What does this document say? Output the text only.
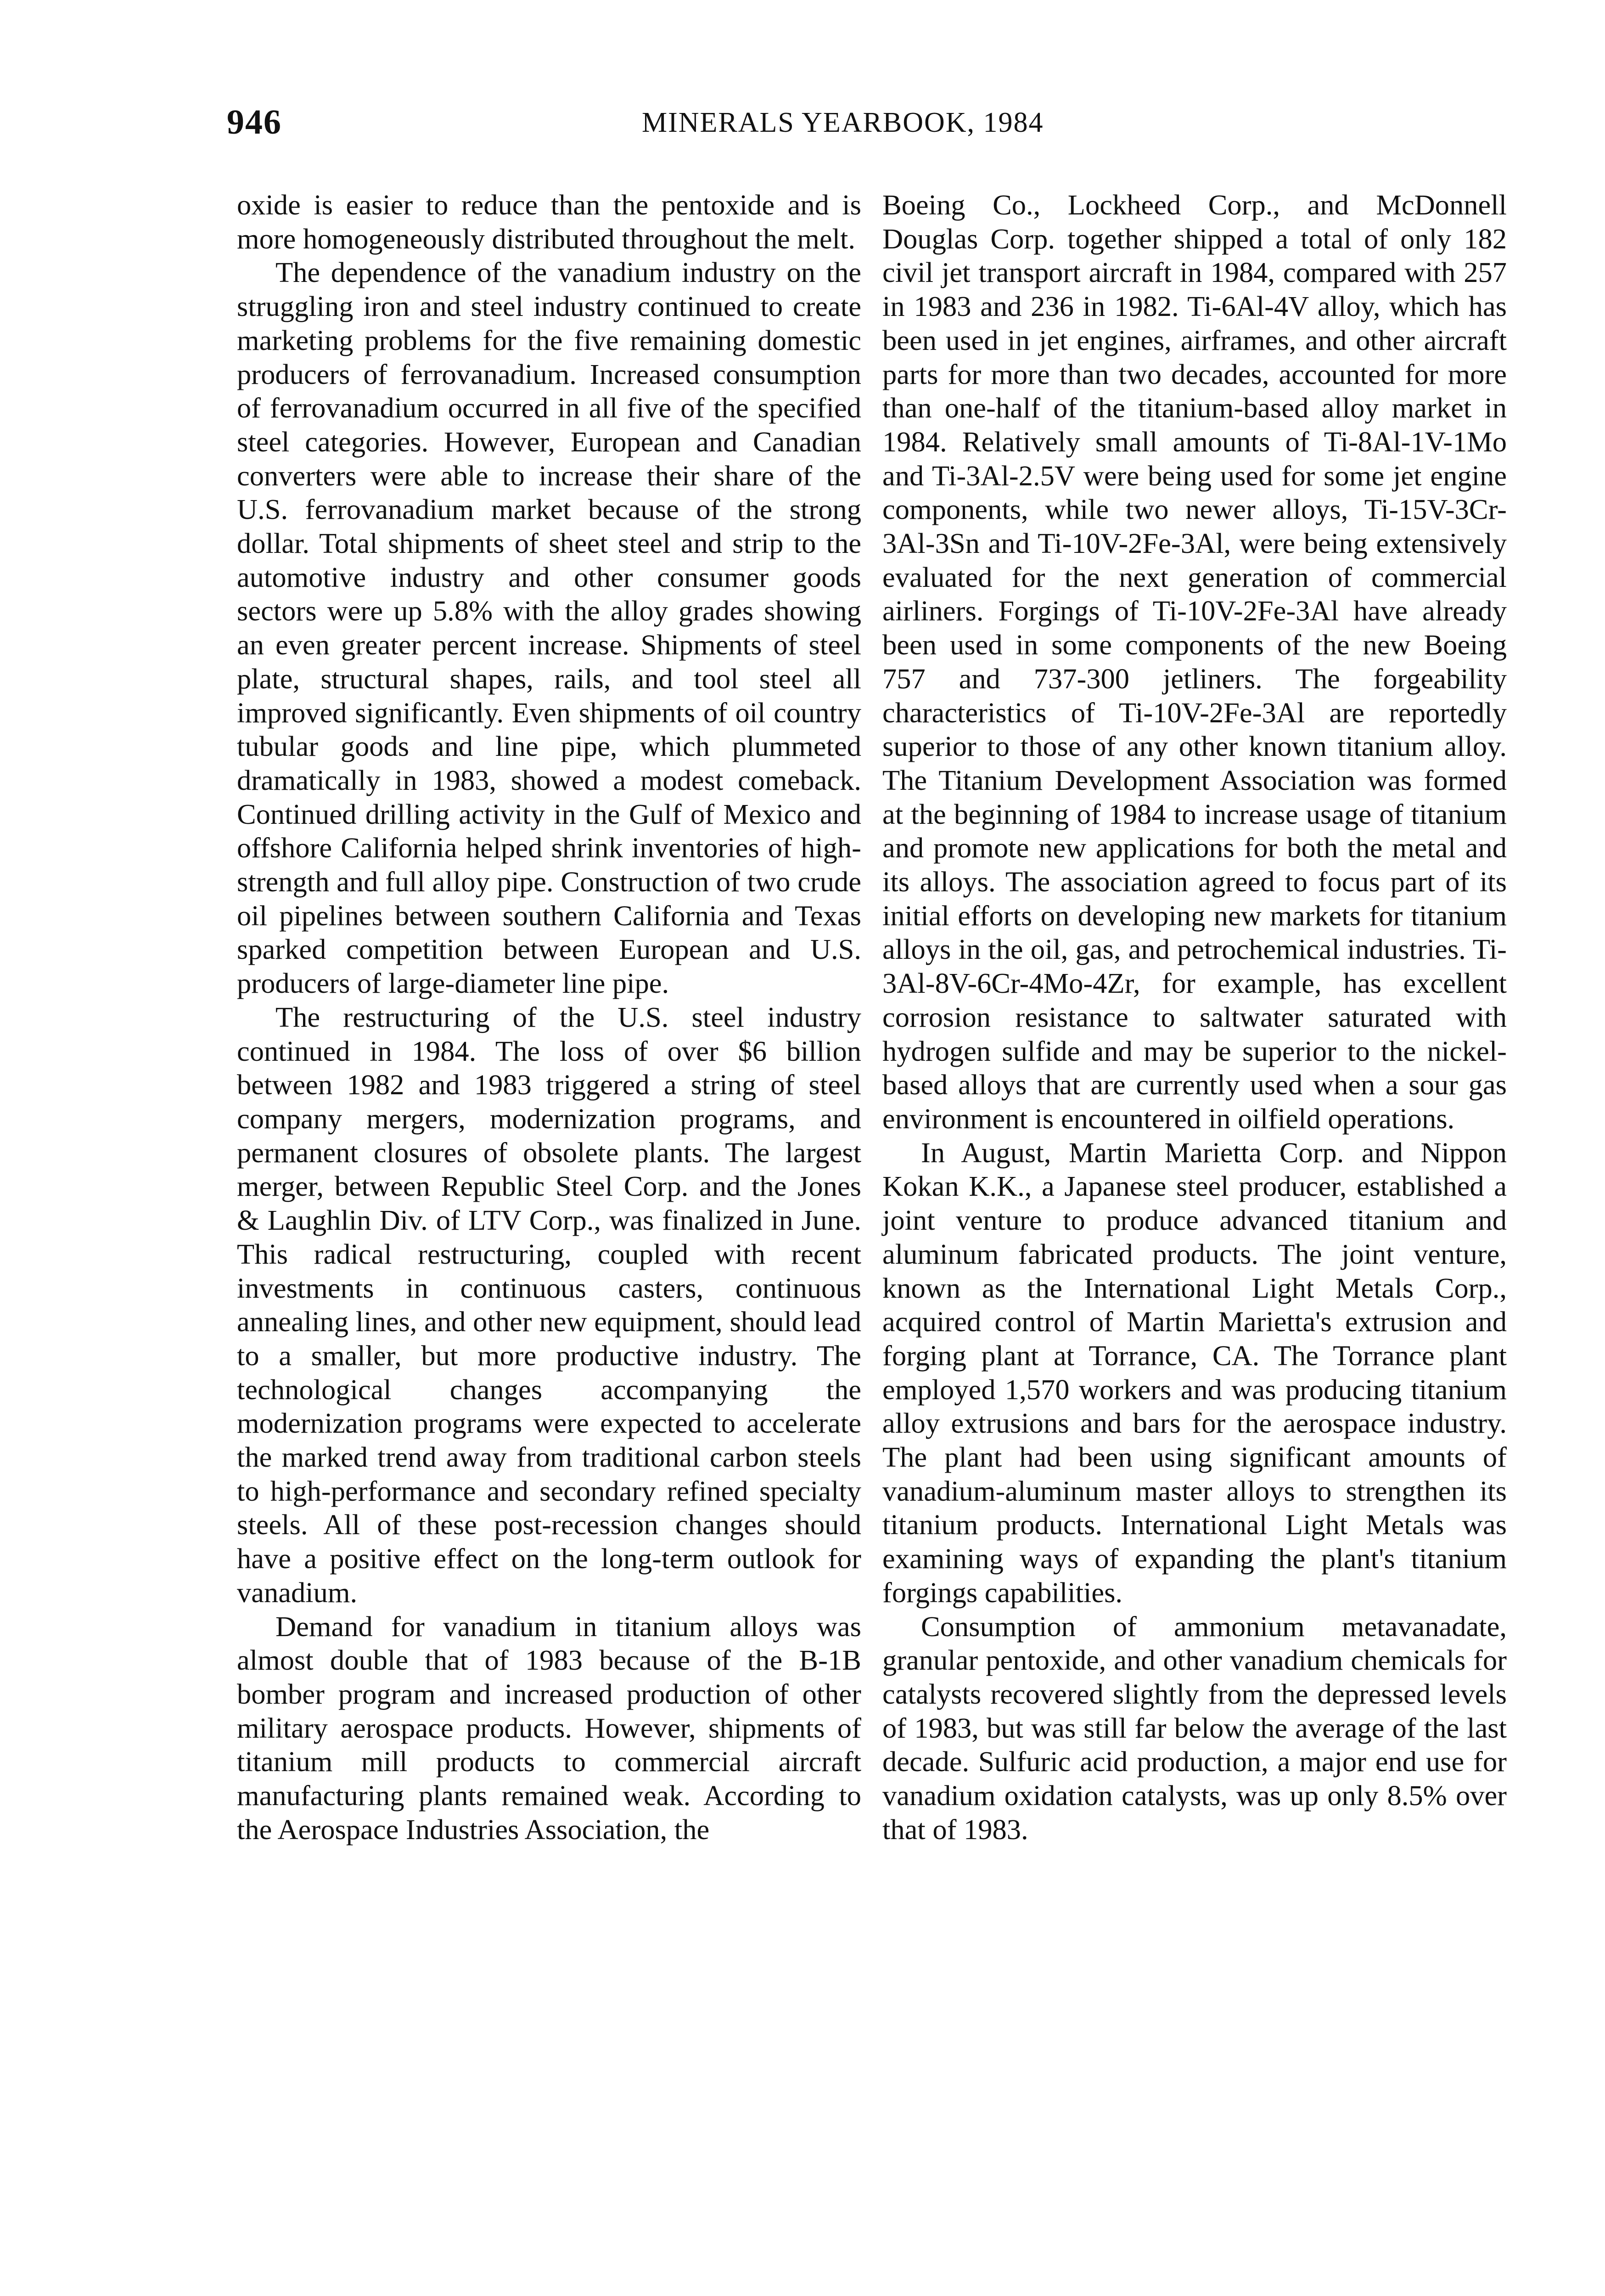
946	MINERALS YEARBOOK, 1984

oxide is easier to reduce than the pentoxide and is more homogeneously distributed throughout the melt.

The dependence of the vanadium industry on the struggling iron and steel industry continued to create marketing problems for the five remaining domestic producers of ferrovanadium. Increased consumption of ferrovanadium occurred in all five of the specified steel categories. However, European and Canadian converters were able to increase their share of the U.S. ferrovanadium market because of the strong dollar. Total shipments of sheet steel and strip to the automotive industry and other consumer goods sectors were up 5.8% with the alloy grades showing an even greater percent increase. Shipments of steel plate, structural shapes, rails, and tool steel all improved significantly. Even shipments of oil country tubular goods and line pipe, which plummeted dramatically in 1983, showed a modest comeback. Continued drilling activity in the Gulf of Mexico and offshore California helped shrink inventories of high-strength and full alloy pipe. Construction of two crude oil pipelines between southern California and Texas sparked competition between European and U.S. producers of large-diameter line pipe.

The restructuring of the U.S. steel industry continued in 1984. The loss of over $6 billion between 1982 and 1983 triggered a string of steel company mergers, modernization programs, and permanent closures of obsolete plants. The largest merger, between Republic Steel Corp. and the Jones & Laughlin Div. of LTV Corp., was finalized in June. This radical restructuring, coupled with recent investments in continuous casters, continuous annealing lines, and other new equipment, should lead to a smaller, but more productive industry. The technological changes accompanying the modernization programs were expected to accelerate the marked trend away from traditional carbon steels to high-performance and secondary refined specialty steels. All of these post-recession changes should have a positive effect on the long-term outlook for vanadium.

Demand for vanadium in titanium alloys was almost double that of 1983 because of the B-1B bomber program and increased production of other military aerospace products. However, shipments of titanium mill products to commercial aircraft manufacturing plants remained weak. According to the Aerospace Industries Association, the

Boeing Co., Lockheed Corp., and McDonnell Douglas Corp. together shipped a total of only 182 civil jet transport aircraft in 1984, compared with 257 in 1983 and 236 in 1982. Ti-6Al-4V alloy, which has been used in jet engines, airframes, and other aircraft parts for more than two decades, accounted for more than one-half of the titanium-based alloy market in 1984. Relatively small amounts of Ti-8Al-1V-1Mo and Ti-3Al-2.5V were being used for some jet engine components, while two newer alloys, Ti-15V-3Cr-3Al-3Sn and Ti-10V-2Fe-3Al, were being extensively evaluated for the next generation of commercial airliners. Forgings of Ti-10V-2Fe-3Al have already been used in some components of the new Boeing 757 and 737-300 jetliners. The forgeability characteristics of Ti-10V-2Fe-3Al are reportedly superior to those of any other known titanium alloy. The Titanium Development Association was formed at the beginning of 1984 to increase usage of titanium and promote new applications for both the metal and its alloys. The association agreed to focus part of its initial efforts on developing new markets for titanium alloys in the oil, gas, and petrochemical industries. Ti-3Al-8V-6Cr-4Mo-4Zr, for example, has excellent corrosion resistance to saltwater saturated with hydrogen sulfide and may be superior to the nickel-based alloys that are currently used when a sour gas environment is encountered in oilfield operations.

In August, Martin Marietta Corp. and Nippon Kokan K.K., a Japanese steel producer, established a joint venture to produce advanced titanium and aluminum fabricated products. The joint venture, known as the International Light Metals Corp., acquired control of Martin Marietta's extrusion and forging plant at Torrance, CA. The Torrance plant employed 1,570 workers and was producing titanium alloy extrusions and bars for the aerospace industry. The plant had been using significant amounts of vanadium-aluminum master alloys to strengthen its titanium products. International Light Metals was examining ways of expanding the plant's titanium forgings capabilities.

Consumption of ammonium metavanadate, granular pentoxide, and other vanadium chemicals for catalysts recovered slightly from the depressed levels of 1983, but was still far below the average of the last decade. Sulfuric acid production, a major end use for vanadium oxidation catalysts, was up only 8.5% over that of 1983.
